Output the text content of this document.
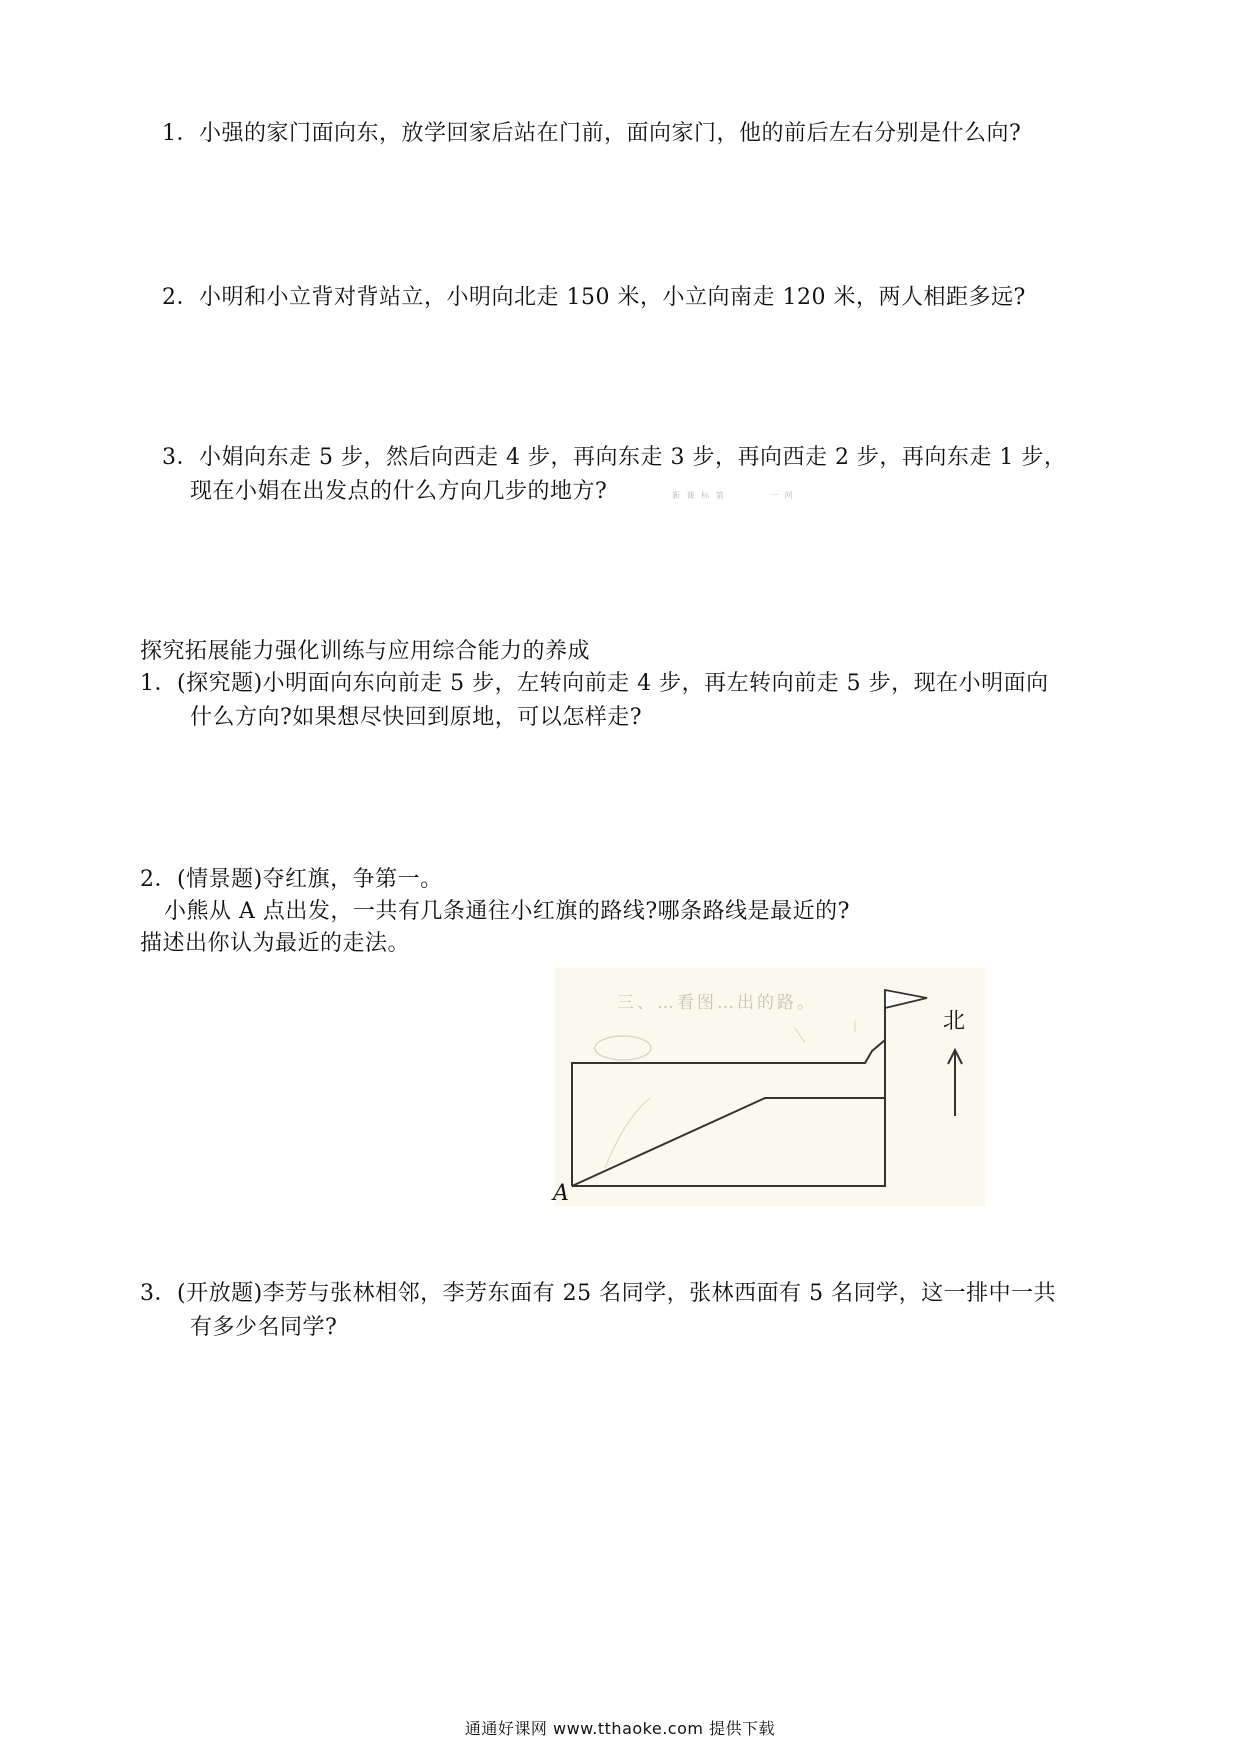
1．小强的家门面向东，放学回家后站在门前，面向家门，他的前后左右分别是什么向?

2．小明和小立背对背站立，小明向北走 150 米，小立向南走 120 米，两人相距多远?

3．小娟向东走 5 步，然后向西走 4 步，再向东走 3 步，再向西走 2 步，再向东走 1 步，

现在小娟在出发点的什么方向几步的地方?	新 课 标 第	一 网

探究拓展能力强化训练与应用综合能力的养成

1．(探究题)小明面向东向前走 5 步，左转向前走 4 步，再左转向前走 5 步，现在小明面向

什么方向?如果想尽快回到原地，可以怎样走?

2．(情景题)夺红旗，争第一。

小熊从 A 点出发，一共有几条通往小红旗的路线?哪条路线是最近的?

描述出你认为最近的走法。

三、…看图…出的路。

A

北

3．(开放题)李芳与张林相邻，李芳东面有 25 名同学，张林西面有 5 名同学，这一排中一共

有多少名同学?

通通好课网 www.tthaoke.com 提供下载
